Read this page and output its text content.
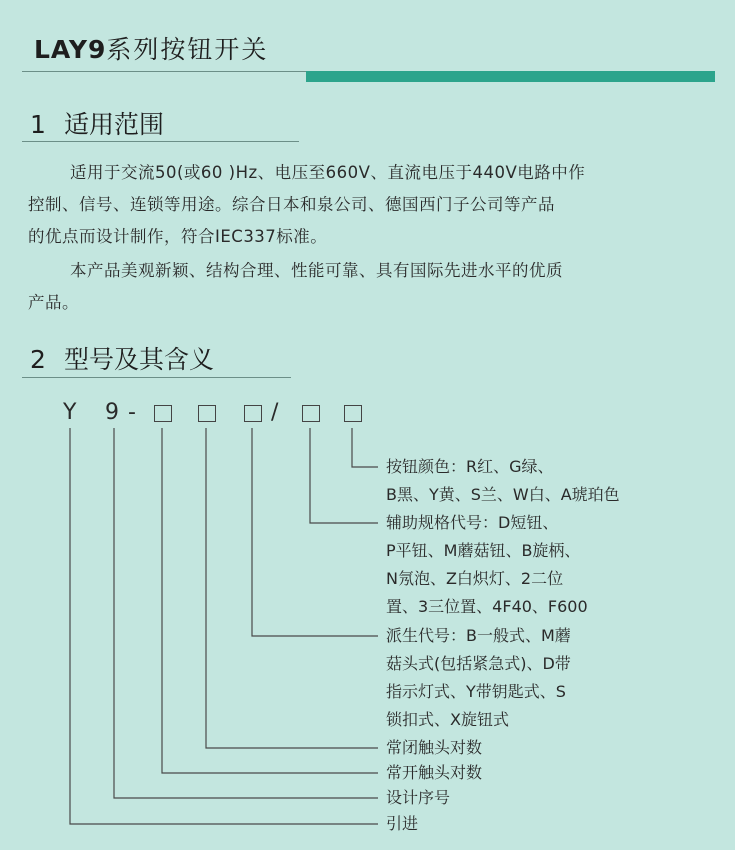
LAY9系列按钮开关
1 适用范围
适用于交流50(或60 )Hz、电压至660V、直流电压于440V电路中作
控制、信号、连锁等用途。综合日本和泉公司、德国西门子公司等产品
的优点而设计制作，符合IEC337标准。
本产品美观新颖、结构合理、性能可靠、具有国际先进水平的优质
产品。
2 型号及其含义
Y 9 -	/
按钮颜色：R红、G绿、
B黑、Y黄、S兰、W白、A琥珀色
辅助规格代号：D短钮、
P平钮、M蘑菇钮、B旋柄、
N氖泡、Z白炽灯、2二位
置、3三位置、4F40、F600
派生代号：B一般式、M蘑
菇头式(包括紧急式)、D带
指示灯式、Y带钥匙式、S
锁扣式、X旋钮式
常闭触头对数
常开触头对数
设计序号
引进
